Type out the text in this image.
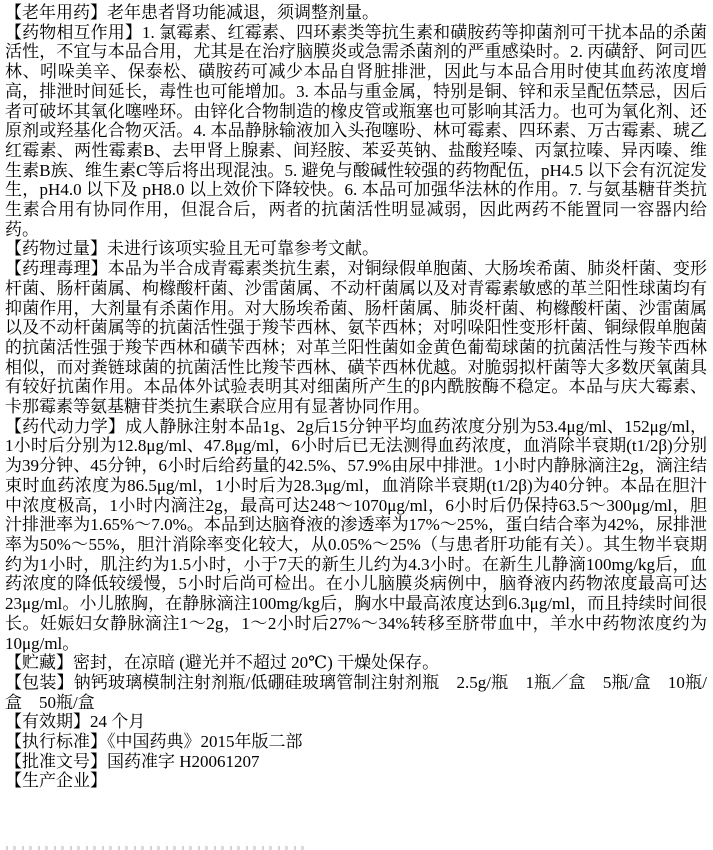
【老年用药】老年患者肾功能减退，须调整剂量。

【药物相互作用】1. 氯霉素、红霉素、四环素类等抗生素和磺胺药等抑菌剂可干扰本品的杀菌活性，不宜与本品合用，尤其是在治疗脑膜炎或急需杀菌剂的严重感染时。2. 丙磺舒、阿司匹林、吲哚美辛、保泰松、磺胺药可减少本品自肾脏排泄，因此与本品合用时使其血药浓度增高，排泄时间延长，毒性也可能增加。3. 本品与重金属，特别是铜、锌和汞呈配伍禁忌，因后者可破坏其氧化噻唑环。由锌化合物制造的橡皮管或瓶塞也可影响其活力。也可为氧化剂、还原剂或羟基化合物灭活。4. 本品静脉输液加入头孢噻吩、林可霉素、四环素、万古霉素、琥乙红霉素、两性霉素B、去甲肾上腺素、间羟胺、苯妥英钠、盐酸羟嗪、丙氯拉嗪、异丙嗪、维生素B族、维生素C等后将出现混浊。5. 避免与酸碱性较强的药物配伍，pH4.5 以下会有沉淀发生，pH4.0 以下及 pH8.0 以上效价下降较快。6. 本品可加强华法林的作用。7. 与氨基糖苷类抗生素合用有协同作用，但混合后，两者的抗菌活性明显减弱，因此两药不能置同一容器内给药。

【药物过量】未进行该项实验且无可靠参考文献。

【药理毒理】本品为半合成青霉素类抗生素，对铜绿假单胞菌、大肠埃希菌、肺炎杆菌、变形杆菌、肠杆菌属、枸橼酸杆菌、沙雷菌属、不动杆菌属以及对青霉素敏感的革兰阳性球菌均有抑菌作用，大剂量有杀菌作用。对大肠埃希菌、肠杆菌属、肺炎杆菌、枸橼酸杆菌、沙雷菌属以及不动杆菌属等的抗菌活性强于羧苄西林、氨苄西林；对吲哚阳性变形杆菌、铜绿假单胞菌的抗菌活性强于羧苄西林和磺苄西林；对革兰阳性菌如金黄色葡萄球菌的抗菌活性与羧苄西林相似，而对粪链球菌的抗菌活性比羧苄西林、磺苄西林优越。对脆弱拟杆菌等大多数厌氧菌具有较好抗菌作用。本品体外试验表明其对细菌所产生的β内酰胺酶不稳定。本品与庆大霉素、卡那霉素等氨基糖苷类抗生素联合应用有显著协同作用。

【药代动力学】成人静脉注射本品1g、2g后15分钟平均血药浓度分别为53.4μg/ml、152μg/ml，1小时后分别为12.8μg/ml、47.8μg/ml，6小时后已无法测得血药浓度，血消除半衰期(t1/2β)分别为39分钟、45分钟，6小时后给药量的42.5%、57.9%由尿中排泄。1小时内静脉滴注2g，滴注结束时血药浓度为86.5μg/ml，1小时后为28.3μg/ml，血消除半衰期(t1/2β)为40分钟。本品在胆汁中浓度极高，1小时内滴注2g，最高可达248～1070μg/ml，6小时后仍保持63.5～300μg/ml，胆汁排泄率为1.65%～7.0%。本品到达脑脊液的渗透率为17%～25%，蛋白结合率为42%，尿排泄率为50%～55%，胆汁消除率变化较大，从0.05%～25%（与患者肝功能有关）。其生物半衰期约为1小时，肌注约为1.5小时，小于7天的新生儿约为4.3小时。在新生儿静滴100mg/kg后，血药浓度的降低较缓慢，5小时后尚可检出。在小儿脑膜炎病例中，脑脊液内药物浓度最高可达23μg/ml。小儿脓胸，在静脉滴注100mg/kg后，胸水中最高浓度达到6.3μg/ml，而且持续时间很长。妊娠妇女静脉滴注1～2g，1～2小时后27%～34%转移至脐带血中，羊水中药物浓度约为10μg/ml。

【贮藏】密封，在凉暗 (避光并不超过 20℃) 干燥处保存。

【包装】钠钙玻璃模制注射剂瓶/低硼硅玻璃管制注射剂瓶　2.5g/瓶　1瓶／盒　5瓶/盒　10瓶/盒　50瓶/盒

【有效期】24 个月

【执行标准】《中国药典》2015年版二部

【批准文号】国药准字 H20061207

【生产企业】
